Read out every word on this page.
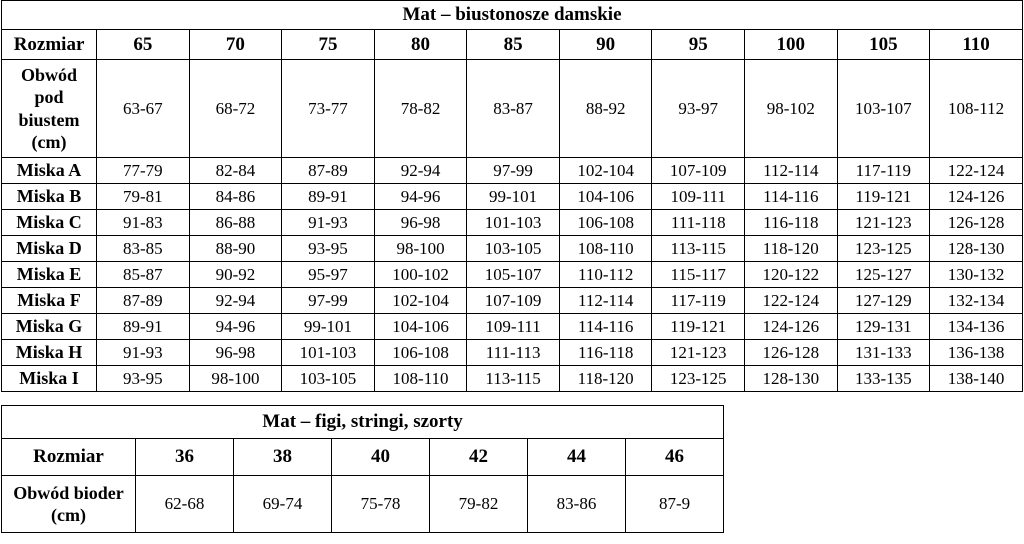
Mat – biustonosze damskie										
Rozmiar	65	70	75	80	85	90	95	100	105	110
Obwód pod biustem (cm)	63-67	68-72	73-77	78-82	83-87	88-92	93-97	98-102	103-107	108-112
Miska A	77-79	82-84	87-89	92-94	97-99	102-104	107-109	112-114	117-119	122-124
Miska B	79-81	84-86	89-91	94-96	99-101	104-106	109-111	114-116	119-121	124-126
Miska C	91-83	86-88	91-93	96-98	101-103	106-108	111-118	116-118	121-123	126-128
Miska D	83-85	88-90	93-95	98-100	103-105	108-110	113-115	118-120	123-125	128-130
Miska E	85-87	90-92	95-97	100-102	105-107	110-112	115-117	120-122	125-127	130-132
Miska F	87-89	92-94	97-99	102-104	107-109	112-114	117-119	122-124	127-129	132-134
Miska G	89-91	94-96	99-101	104-106	109-111	114-116	119-121	124-126	129-131	134-136
Miska H	91-93	96-98	101-103	106-108	111-113	116-118	121-123	126-128	131-133	136-138
Miska I	93-95	98-100	103-105	108-110	113-115	118-120	123-125	128-130	133-135	138-140
Mat – figi, stringi, szorty						
Rozmiar	36	38	40	42	44	46
Obwód bioder (cm)	62-68	69-74	75-78	79-82	83-86	87-9
